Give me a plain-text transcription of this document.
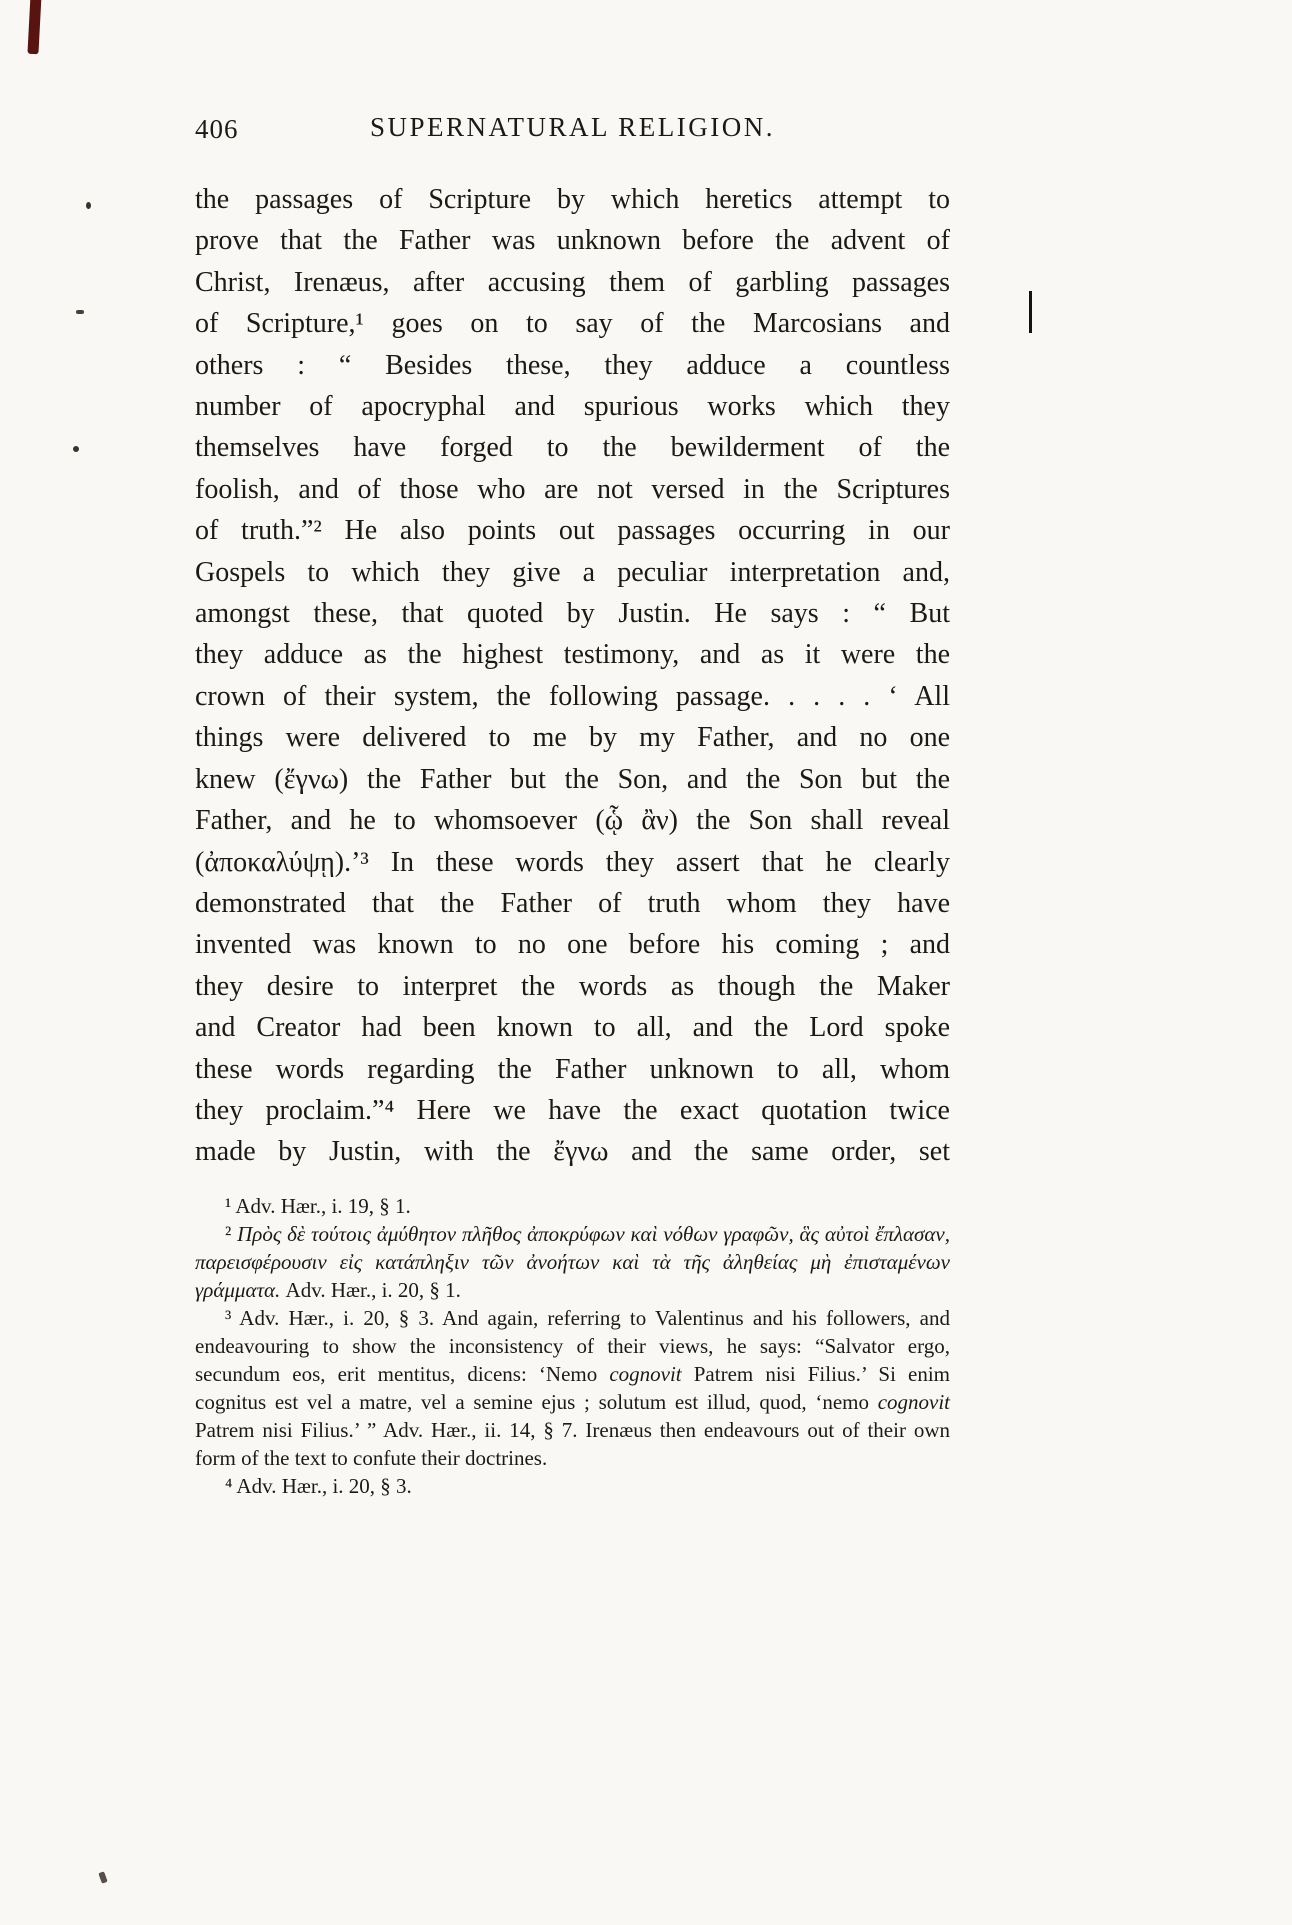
406	SUPERNATURAL RELIGION.
the passages of Scripture by which heretics attempt to
prove that the Father was unknown before the advent of
Christ, Irenæus, after accusing them of garbling passages
of Scripture,¹ goes on to say of the Marcosians and
others : “ Besides these, they adduce a countless
number of apocryphal and spurious works which they
themselves have forged to the bewilderment of the
foolish, and of those who are not versed in the Scriptures
of truth.”² He also points out passages occurring in our
Gospels to which they give a peculiar interpretation and,
amongst these, that quoted by Justin. He says : “ But
they adduce as the highest testimony, and as it were the
crown of their system, the following passage. . . . . ‘ All
things were delivered to me by my Father, and no one
knew (ἔγνω) the Father but the Son, and the Son but the
Father, and he to whomsoever (ᾧ ἂν) the Son shall reveal
(ἀποκαλύψῃ).’³ In these words they assert that he clearly
demonstrated that the Father of truth whom they have
invented was known to no one before his coming ; and
they desire to interpret the words as though the Maker
and Creator had been known to all, and the Lord spoke
these words regarding the Father unknown to all, whom
they proclaim.”⁴ Here we have the exact quotation twice
made by Justin, with the ἔγνω and the same order, set
¹ Adv. Hær., i. 19, § 1.
² Πρὸς δὲ τούτοις ἀμύθητον πλῆθος ἀποκρύφων καὶ νόθων γραφῶν, ἃς αὐτοὶ ἔπλασαν, παρεισφέρουσιν εἰς κατάπληξιν τῶν ἀνοήτων καὶ τὰ τῆς ἀληθείας μὴ ἐπισταμένων γράμματα. Adv. Hær., i. 20, § 1.
³ Adv. Hær., i. 20, § 3. And again, referring to Valentinus and his followers, and endeavouring to show the inconsistency of their views, he says: “Salvator ergo, secundum eos, erit mentitus, dicens: ‘Nemo cognovit Patrem nisi Filius.’ Si enim cognitus est vel a matre, vel a semine ejus ; solutum est illud, quod, ‘nemo cognovit Patrem nisi Filius.’ ” Adv. Hær., ii. 14, § 7. Irenæus then endeavours out of their own form of the text to confute their doctrines.
⁴ Adv. Hær., i. 20, § 3.
